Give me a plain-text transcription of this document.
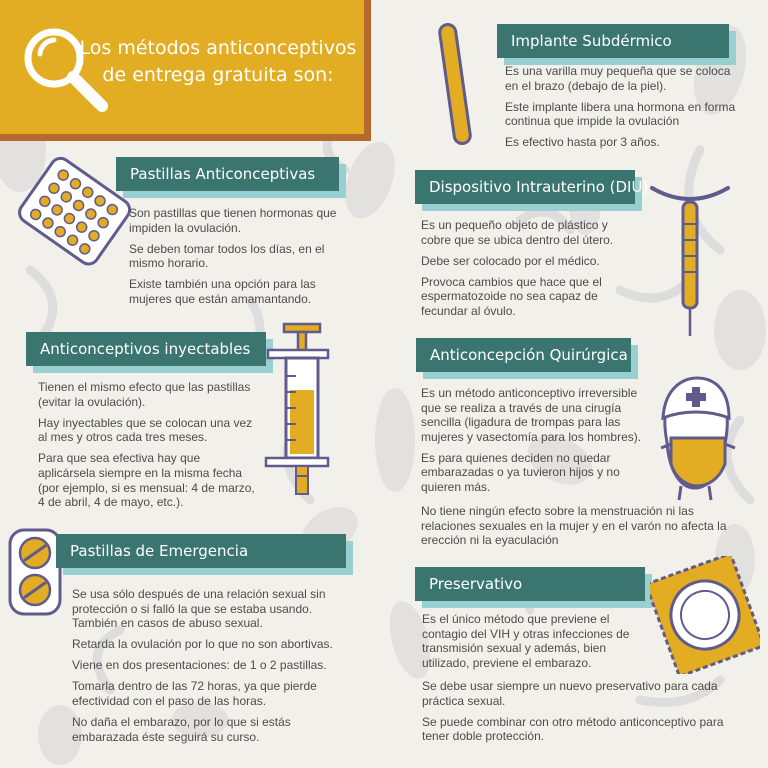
Los métodos anticonceptivos
de entrega gratuita son:
Pastillas Anticonceptivas

Son pastillas que tienen hormonas que impiden la ovulación.

Se deben tomar todos los días, en el mismo horario.

Existe también una opción para las mujeres que están amamantando.

Anticonceptivos inyectables

Tienen el mismo efecto que las pastillas (evitar la ovulación).

Hay inyectables que se colocan una vez al mes y otros cada tres meses.

Para que sea efectiva hay que aplicársela siempre en la misma fecha (por ejemplo, si es mensual: 4 de marzo, 4 de abril, 4 de mayo, etc.).

Pastillas de Emergencia

Se usa sólo después de una relación sexual sin protección o si falló la que se estaba usando. También en casos de abuso sexual.

Retarda la ovulación por lo que no son abortivas.

Viene en dos presentaciones: de 1 o 2 pastillas.

Tomarla dentro de las 72 horas, ya que pierde efectividad con el paso de las horas.

No daña el embarazo, por lo que si estás embarazada éste seguirá su curso.

Implante Subdérmico

Es una varilla muy pequeña que se coloca en el brazo (debajo de la piel).

Este implante libera una hormona en forma continua que impide la ovulación

Es efectivo hasta por 3 años.

Dispositivo Intrauterino (DIU)

Es un pequeño objeto de plástico y cobre que se ubica dentro del útero.

Debe ser colocado por el médico.

Provoca cambios que hace que el espermatozoide no sea capaz de fecundar al óvulo.

Anticoncepción Quirúrgica

Es un método anticonceptivo irreversible que se realiza a través de una cirugía sencilla (ligadura de trompas para las mujeres y vasectomía para los hombres).

Es para quienes deciden no quedar embarazadas o ya tuvieron hijos y no quieren más.

No tiene ningún efecto sobre la menstruación ni las relaciones sexuales en la mujer y en el varón no afecta la erección ni la eyaculación

Preservativo

Es el único método que previene el contagio del VIH y otras infecciones de transmisión sexual y además, bien utilizado, previene el embarazo.

Se debe usar siempre un nuevo preservativo para cada práctica sexual.

Se puede combinar con otro método anticonceptivo para tener doble protección.
